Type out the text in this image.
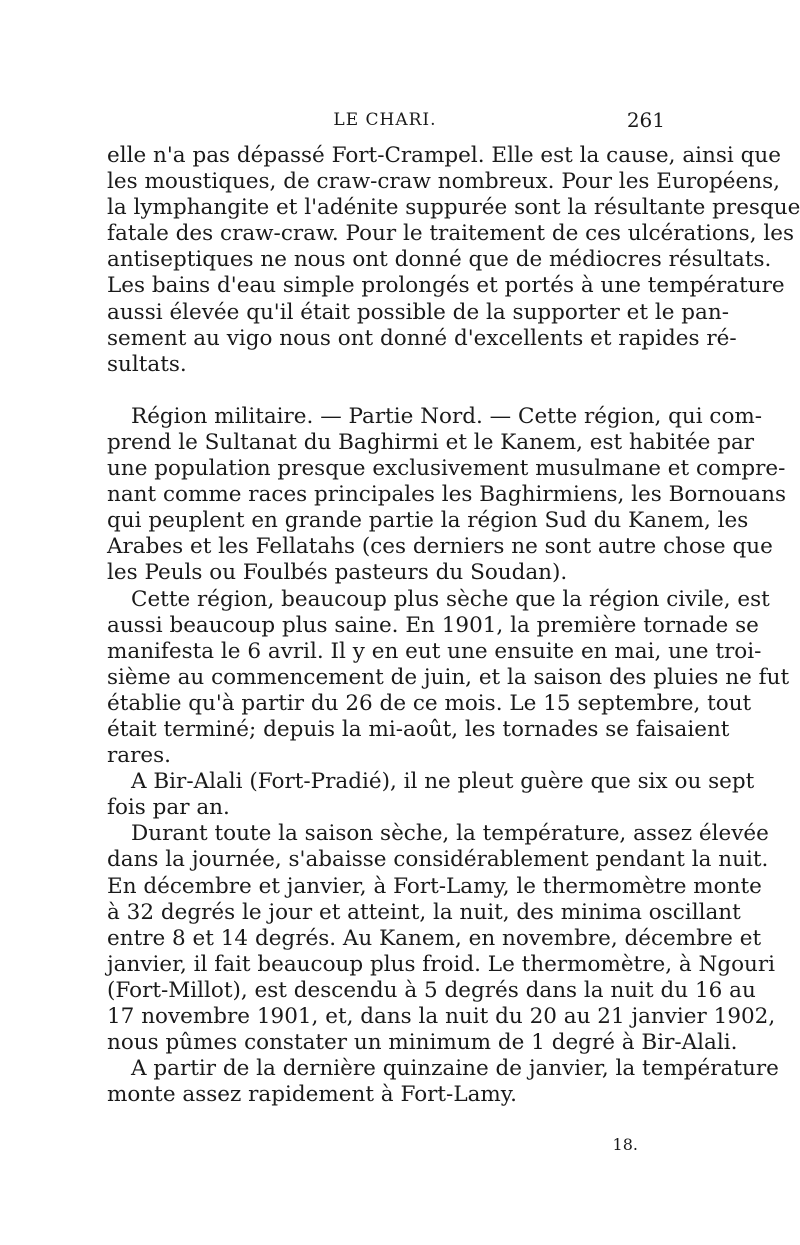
LE CHARI.	261
elle n'a pas dépassé Fort-Crampel. Elle est la cause, ainsi que
les moustiques, de craw-craw nombreux. Pour les Européens,
la lymphangite et l'adénite suppurée sont la résultante presque
fatale des craw-craw. Pour le traitement de ces ulcérations, les
antiseptiques ne nous ont donné que de médiocres résultats.
Les bains d'eau simple prolongés et portés à une température
aussi élevée qu'il était possible de la supporter et le pan-
sement au vigo nous ont donné d'excellents et rapides ré-
sultats.
Région militaire. — Partie Nord. — Cette région, qui com-
prend le Sultanat du Baghirmi et le Kanem, est habitée par
une population presque exclusivement musulmane et compre-
nant comme races principales les Baghirmiens, les Bornouans
qui peuplent en grande partie la région Sud du Kanem, les
Arabes et les Fellatahs (ces derniers ne sont autre chose que
les Peuls ou Foulbés pasteurs du Soudan).
Cette région, beaucoup plus sèche que la région civile, est
aussi beaucoup plus saine. En 1901, la première tornade se
manifesta le 6 avril. Il y en eut une ensuite en mai, une troi-
sième au commencement de juin, et la saison des pluies ne fut
établie qu'à partir du 26 de ce mois. Le 15 septembre, tout
était terminé; depuis la mi-août, les tornades se faisaient
rares.
A Bir-Alali (Fort-Pradié), il ne pleut guère que six ou sept
fois par an.
Durant toute la saison sèche, la température, assez élevée
dans la journée, s'abaisse considérablement pendant la nuit.
En décembre et janvier, à Fort-Lamy, le thermomètre monte
à 32 degrés le jour et atteint, la nuit, des minima oscillant
entre 8 et 14 degrés. Au Kanem, en novembre, décembre et
janvier, il fait beaucoup plus froid. Le thermomètre, à Ngouri
(Fort-Millot), est descendu à 5 degrés dans la nuit du 16 au
17 novembre 1901, et, dans la nuit du 20 au 21 janvier 1902,
nous pûmes constater un minimum de 1 degré à Bir-Alali.
A partir de la dernière quinzaine de janvier, la température
monte assez rapidement à Fort-Lamy.
18.
